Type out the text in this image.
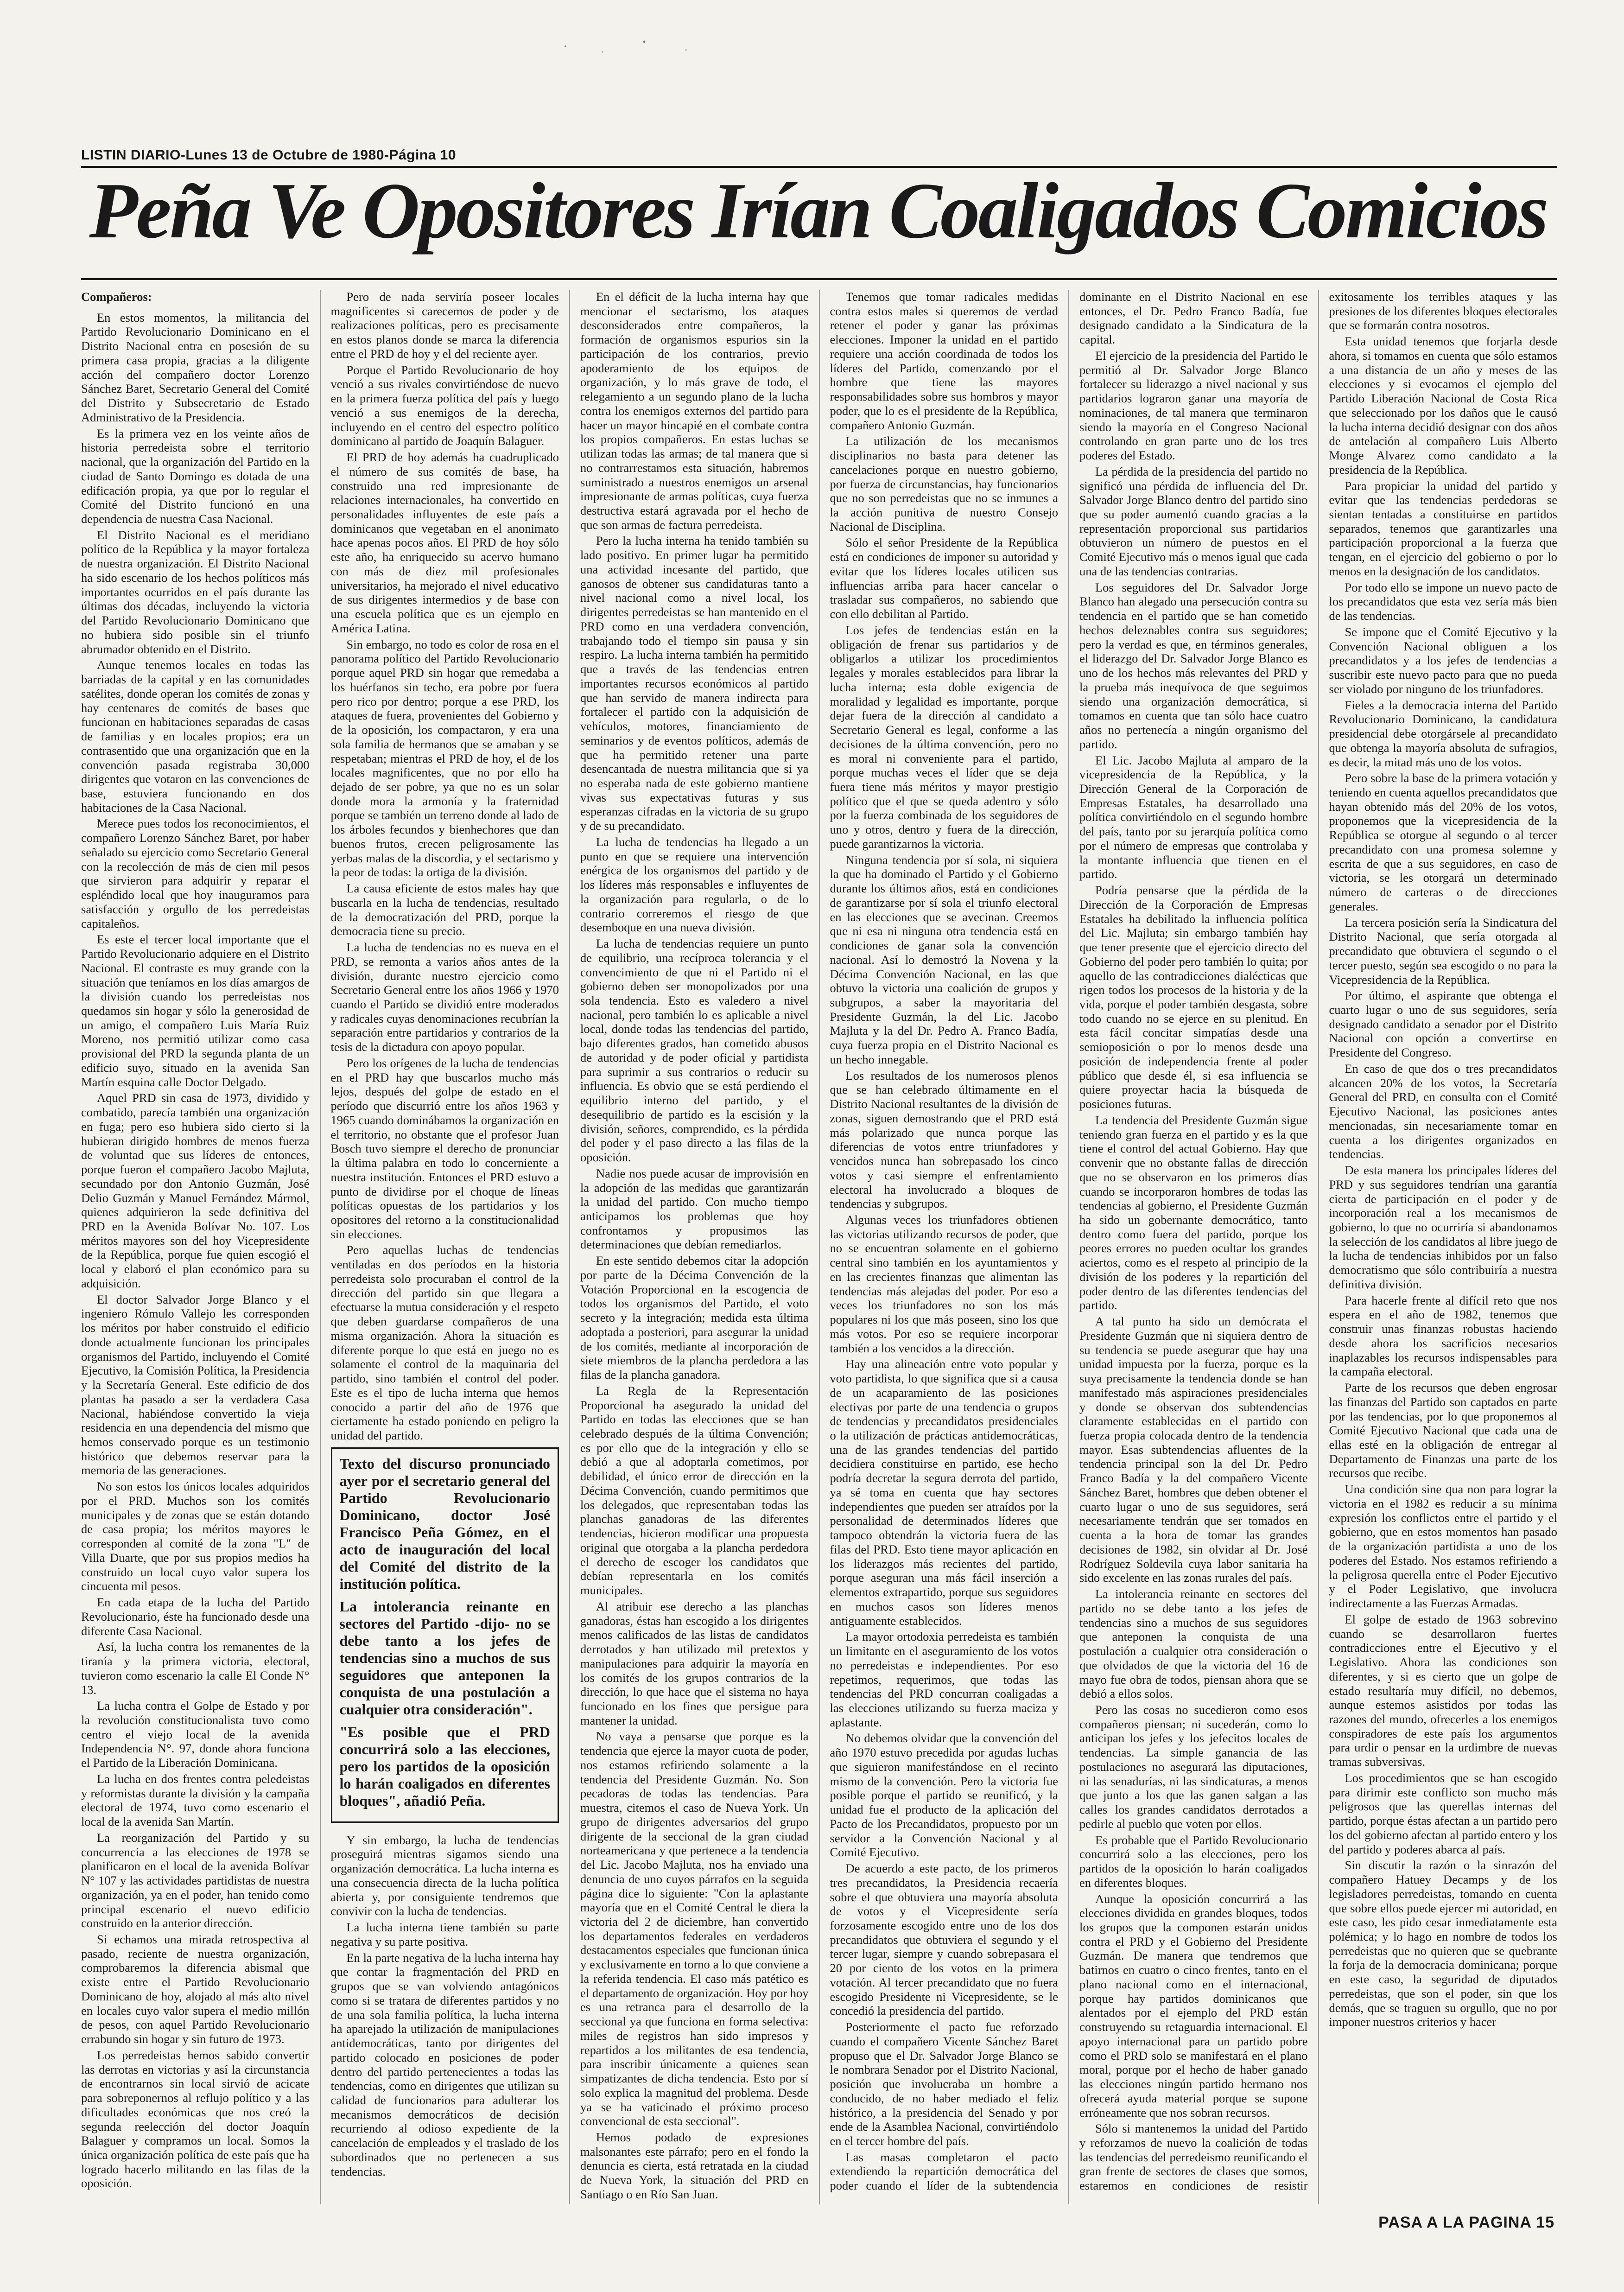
LISTIN DIARIO-Lunes 13 de Octubre de 1980-Página 10
Peña Ve Opositores Irían Coaligados Comicios

Compañeros:

En estos momentos, la militancia del Partido Revolucionario Dominicano en el Distrito Nacional entra en posesión de su primera casa propia, gracias a la diligente acción del compañero doctor Lorenzo Sánchez Baret, Secretario General del Comité del Distrito y Subsecretario de Estado Administrativo de la Presidencia.

Es la primera vez en los veinte años de historia perredeista sobre el territorio nacional, que la organización del Partido en la ciudad de Santo Domingo es dotada de una edificación propia, ya que por lo regular el Comité del Distrito funcionó en una dependencia de nuestra Casa Nacional.

El Distrito Nacional es el meridiano político de la República y la mayor fortaleza de nuestra organización. El Distrito Nacional ha sido escenario de los hechos políticos más importantes ocurridos en el país durante las últimas dos décadas, incluyendo la victoria del Partido Revolucionario Dominicano que no hubiera sido posible sin el triunfo abrumador obtenido en el Distrito.

Aunque tenemos locales en todas las barriadas de la capital y en las comunidades satélites, donde operan los comités de zonas y hay centenares de comités de bases que funcionan en habitaciones separadas de casas de familias y en locales propios; era un contrasentido que una organización que en la convención pasada registraba 30,000 dirigentes que votaron en las convenciones de base, estuviera funcionando en dos habitaciones de la Casa Nacional.

Merece pues todos los reconocimientos, el compañero Lorenzo Sánchez Baret, por haber señalado su ejercicio como Secretario General con la recolección de más de cien mil pesos que sirvieron para adquirir y reparar el espléndido local que hoy inauguramos para satisfacción y orgullo de los perredeistas capitaleños.

Es este el tercer local importante que el Partido Revolucionario adquiere en el Distrito Nacional. El contraste es muy grande con la situación que teníamos en los días amargos de la división cuando los perredeistas nos quedamos sin hogar y sólo la generosidad de un amigo, el compañero Luis María Ruiz Moreno, nos permitió utilizar como casa provisional del PRD la segunda planta de un edificio suyo, situado en la avenida San Martín esquina calle Doctor Delgado.

Aquel PRD sin casa de 1973, dividido y combatido, parecía también una organización en fuga; pero eso hubiera sido cierto si la hubieran dirigido hombres de menos fuerza de voluntad que sus líderes de entonces, porque fueron el compañero Jacobo Majluta, secundado por don Antonio Guzmán, José Delio Guzmán y Manuel Fernández Mármol, quienes adquirieron la sede definitiva del PRD en la Avenida Bolívar No. 107. Los méritos mayores son del hoy Vicepresidente de la República, porque fue quien escogió el local y elaboró el plan económico para su adquisición.

El doctor Salvador Jorge Blanco y el ingeniero Rómulo Vallejo les corresponden los méritos por haber construido el edificio donde actualmente funcionan los principales organismos del Partido, incluyendo el Comité Ejecutivo, la Comisión Política, la Presidencia y la Secretaría General. Este edificio de dos plantas ha pasado a ser la verdadera Casa Nacional, habiéndose convertido la vieja residencia en una dependencia del mismo que hemos conservado porque es un testimonio histórico que debemos reservar para la memoria de las generaciones.

No son estos los únicos locales adquiridos por el PRD. Muchos son los comités municipales y de zonas que se están dotando de casa propia; los méritos mayores le corresponden al comité de la zona "L" de Villa Duarte, que por sus propios medios ha construido un local cuyo valor supera los cincuenta mil pesos.

En cada etapa de la lucha del Partido Revolucionario, éste ha funcionado desde una diferente Casa Nacional.

Así, la lucha contra los remanentes de la tiranía y la primera victoria, electoral, tuvieron como escenario la calle El Conde N° 13.

La lucha contra el Golpe de Estado y por la revolución constitucionalista tuvo como centro el viejo local de la avenida Independencia N°. 97, donde ahora funciona el Partido de la Liberación Dominicana.

La lucha en dos frentes contra peledeistas y reformistas durante la división y la campaña electoral de 1974, tuvo como escenario el local de la avenida San Martín.

La reorganización del Partido y su concurrencia a las elecciones de 1978 se planificaron en el local de la avenida Bolívar N° 107 y las actividades partidistas de nuestra organización, ya en el poder, han tenido como principal escenario el nuevo edificio construido en la anterior dirección.

Si echamos una mirada retrospectiva al pasado, reciente de nuestra organización, comprobaremos la diferencia abismal que existe entre el Partido Revolucionario Dominicano de hoy, alojado al más alto nivel en locales cuyo valor supera el medio millón de pesos, con aquel Partido Revolucionario errabundo sin hogar y sin futuro de 1973.

Los perredeistas hemos sabido convertir las derrotas en victorias y así la circunstancia de encontrarnos sin local sirvió de acicate para sobreponernos al reflujo político y a las dificultades económicas que nos creó la segunda reelección del doctor Joaquín Balaguer y compramos un local. Somos la única organización política de este país que ha logrado hacerlo militando en las filas de la oposición.

Pero de nada serviría poseer locales magnificentes si carecemos de poder y de realizaciones políticas, pero es precisamente en estos planos donde se marca la diferencia entre el PRD de hoy y el del reciente ayer.

Porque el Partido Revolucionario de hoy venció a sus rivales convirtiéndose de nuevo en la primera fuerza política del país y luego venció a sus enemigos de la derecha, incluyendo en el centro del espectro político dominicano al partido de Joaquín Balaguer.

El PRD de hoy además ha cuadruplicado el número de sus comités de base, ha construido una red impresionante de relaciones internacionales, ha convertido en personalidades influyentes de este país a dominicanos que vegetaban en el anonimato hace apenas pocos años. El PRD de hoy sólo este año, ha enriquecido su acervo humano con más de diez mil profesionales universitarios, ha mejorado el nivel educativo de sus dirigentes intermedios y de base con una escuela política que es un ejemplo en América Latina.

Sin embargo, no todo es color de rosa en el panorama político del Partido Revolucionario porque aquel PRD sin hogar que remedaba a los huérfanos sin techo, era pobre por fuera pero rico por dentro; porque a ese PRD, los ataques de fuera, provenientes del Gobierno y de la oposición, los compactaron, y era una sola familia de hermanos que se amaban y se respetaban; mientras el PRD de hoy, el de los locales magnificentes, que no por ello ha dejado de ser pobre, ya que no es un solar donde mora la armonía y la fraternidad porque se también un terreno donde al lado de los árboles fecundos y bienhechores que dan buenos frutos, crecen peligrosamente las yerbas malas de la discordia, y el sectarismo y la peor de todas: la ortiga de la división.

La causa eficiente de estos males hay que buscarla en la lucha de tendencias, resultado de la democratización del PRD, porque la democracia tiene su precio.

La lucha de tendencias no es nueva en el PRD, se remonta a varios años antes de la división, durante nuestro ejercicio como Secretario General entre los años 1966 y 1970 cuando el Partido se dividió entre moderados y radicales cuyas denominaciones recubrían la separación entre partidarios y contrarios de la tesis de la dictadura con apoyo popular.

Pero los orígenes de la lucha de tendencias en el PRD hay que buscarlos mucho más lejos, después del golpe de estado en el período que discurrió entre los años 1963 y 1965 cuando dominábamos la organización en el territorio, no obstante que el profesor Juan Bosch tuvo siempre el derecho de pronunciar la última palabra en todo lo concerniente a nuestra institución. Entonces el PRD estuvo a punto de dividirse por el choque de líneas políticas opuestas de los partidarios y los opositores del retorno a la constitucionalidad sin elecciones.

Pero aquellas luchas de tendencias ventiladas en dos períodos en la historia perredeista solo procuraban el control de la dirección del partido sin que llegara a efectuarse la mutua consideración y el respeto que deben guardarse compañeros de una misma organización. Ahora la situación es diferente porque lo que está en juego no es solamente el control de la maquinaria del partido, sino también el control del poder. Este es el tipo de lucha interna que hemos conocido a partir del año de 1976 que ciertamente ha estado poniendo en peligro la unidad del partido.

Texto del discurso pronunciado ayer por el secretario general del Partido Revolucionario Dominicano, doctor José Francisco Peña Gómez, en el acto de inauguración del local del Comité del distrito de la institución política.

La intolerancia reinante en sectores del Partido -dijo- no se debe tanto a los jefes de tendencias sino a muchos de sus seguidores que anteponen la conquista de una postulación a cualquier otra consideración".

"Es posible que el PRD concurrirá solo a las elecciones, pero los partidos de la oposición lo harán coaligados en diferentes bloques", añadió Peña.

Y sin embargo, la lucha de tendencias proseguirá mientras sigamos siendo una organización democrática. La lucha interna es una consecuencia directa de la lucha política abierta y, por consiguiente tendremos que convivir con la lucha de tendencias.

La lucha interna tiene también su parte negativa y su parte positiva.

En la parte negativa de la lucha interna hay que contar la fragmentación del PRD en grupos que se van volviendo antagónicos como si se tratara de diferentes partidos y no de una sola familia política, la lucha interna ha aparejado la utilización de manipulaciones antidemocráticas, tanto por dirigentes del partido colocado en posiciones de poder dentro del partido pertenecientes a todas las tendencias, como en dirigentes que utilizan su calidad de funcionarios para adulterar los mecanismos democráticos de decisión recurriendo al odioso expediente de la cancelación de empleados y el traslado de los subordinados que no pertenecen a sus tendencias.

En el déficit de la lucha interna hay que mencionar el sectarismo, los ataques desconsiderados entre compañeros, la formación de organismos espurios sin la participación de los contrarios, previo apoderamiento de los equipos de organización, y lo más grave de todo, el relegamiento a un segundo plano de la lucha contra los enemigos externos del partido para hacer un mayor hincapié en el combate contra los propios compañeros. En estas luchas se utilizan todas las armas; de tal manera que si no contrarrestamos esta situación, habremos suministrado a nuestros enemigos un arsenal impresionante de armas políticas, cuya fuerza destructiva estará agravada por el hecho de que son armas de factura perredeista.

Pero la lucha interna ha tenido también su lado positivo. En primer lugar ha permitido una actividad incesante del partido, que ganosos de obtener sus candidaturas tanto a nivel nacional como a nivel local, los dirigentes perredeistas se han mantenido en el PRD como en una verdadera convención, trabajando todo el tiempo sin pausa y sin respiro. La lucha interna también ha permitido que a través de las tendencias entren importantes recursos económicos al partido que han servido de manera indirecta para fortalecer el partido con la adquisición de vehículos, motores, financiamiento de seminarios y de eventos políticos, además de que ha permitido retener una parte desencantada de nuestra militancia que si ya no esperaba nada de este gobierno mantiene vivas sus expectativas futuras y sus esperanzas cifradas en la victoria de su grupo y de su precandidato.

La lucha de tendencias ha llegado a un punto en que se requiere una intervención enérgica de los organismos del partido y de los líderes más responsables e influyentes de la organización para regularla, o de lo contrario correremos el riesgo de que desemboque en una nueva división.

La lucha de tendencias requiere un punto de equilibrio, una recíproca tolerancia y el convencimiento de que ni el Partido ni el gobierno deben ser monopolizados por una sola tendencia. Esto es valedero a nivel nacional, pero también lo es aplicable a nivel local, donde todas las tendencias del partido, bajo diferentes grados, han cometido abusos de autoridad y de poder oficial y partidista para suprimir a sus contrarios o reducir su influencia. Es obvio que se está perdiendo el equilibrio interno del partido, y el desequilibrio de partido es la escisión y la división, señores, comprendido, es la pérdida del poder y el paso directo a las filas de la oposición.

Nadie nos puede acusar de improvisión en la adopción de las medidas que garantizarán la unidad del partido. Con mucho tiempo anticipamos los problemas que hoy confrontamos y propusimos las determinaciones que debían remediarlos.

En este sentido debemos citar la adopción por parte de la Décima Convención de la Votación Proporcional en la escogencia de todos los organismos del Partido, el voto secreto y la integración; medida esta última adoptada a posteriori, para asegurar la unidad de los comités, mediante al incorporación de siete miembros de la plancha perdedora a las filas de la plancha ganadora.

La Regla de la Representación Proporcional ha asegurado la unidad del Partido en todas las elecciones que se han celebrado después de la última Convención; es por ello que de la integración y ello se debió a que al adoptarla cometimos, por debilidad, el único error de dirección en la Décima Convención, cuando permitimos que los delegados, que representaban todas las planchas ganadoras de las diferentes tendencias, hicieron modificar una propuesta original que otorgaba a la plancha perdedora el derecho de escoger los candidatos que debían representarla en los comités municipales.

Al atribuir ese derecho a las planchas ganadoras, éstas han escogido a los dirigentes menos calificados de las listas de candidatos derrotados y han utilizado mil pretextos y manipulaciones para adquirir la mayoría en los comités de los grupos contrarios de la dirección, lo que hace que el sistema no haya funcionado en los fines que persigue para mantener la unidad.

No vaya a pensarse que porque es la tendencia que ejerce la mayor cuota de poder, nos estamos refiriendo solamente a la tendencia del Presidente Guzmán. No. Son pecadoras de todas las tendencias. Para muestra, citemos el caso de Nueva York. Un grupo de dirigentes adversarios del grupo dirigente de la seccional de la gran ciudad norteamericana y que pertenece a la tendencia del Lic. Jacobo Majluta, nos ha enviado una denuncia de uno cuyos párrafos en la seguida página dice lo siguiente: "Con la aplastante mayoría que en el Comité Central le diera la victoria del 2 de diciembre, han convertido los departamentos federales en verdaderos destacamentos especiales que funcionan única y exclusivamente en torno a lo que conviene a la referida tendencia. El caso más patético es el departamento de organización. Hoy por hoy es una retranca para el desarrollo de la seccional ya que funciona en forma selectiva: miles de registros han sido impresos y repartidos a los militantes de esa tendencia, para inscribir únicamente a quienes sean simpatizantes de dicha tendencia. Esto por sí solo explica la magnitud del problema. Desde ya se ha vaticinado el próximo proceso convencional de esta seccional".

Hemos podado de expresiones malsonantes este párrafo; pero en el fondo la denuncia es cierta, está retratada en la ciudad de Nueva York, la situación del PRD en Santiago o en Río San Juan.

Tenemos que tomar radicales medidas contra estos males si queremos de verdad retener el poder y ganar las próximas elecciones. Imponer la unidad en el partido requiere una acción coordinada de todos los líderes del Partido, comenzando por el hombre que tiene las mayores responsabilidades sobre sus hombros y mayor poder, que lo es el presidente de la República, compañero Antonio Guzmán.

La utilización de los mecanismos disciplinarios no basta para detener las cancelaciones porque en nuestro gobierno, por fuerza de circunstancias, hay funcionarios que no son perredeistas que no se inmunes a la acción punitiva de nuestro Consejo Nacional de Disciplina.

Sólo el señor Presidente de la República está en condiciones de imponer su autoridad y evitar que los líderes locales utilicen sus influencias arriba para hacer cancelar o trasladar sus compañeros, no sabiendo que con ello debilitan al Partido.

Los jefes de tendencias están en la obligación de frenar sus partidarios y de obligarlos a utilizar los procedimientos legales y morales establecidos para librar la lucha interna; esta doble exigencia de moralidad y legalidad es importante, porque dejar fuera de la dirección al candidato a Secretario General es legal, conforme a las decisiones de la última convención, pero no es moral ni conveniente para el partido, porque muchas veces el líder que se deja fuera tiene más méritos y mayor prestigio político que el que se queda adentro y sólo por la fuerza combinada de los seguidores de uno y otros, dentro y fuera de la dirección, puede garantizarnos la victoria.

Ninguna tendencia por sí sola, ni siquiera la que ha dominado el Partido y el Gobierno durante los últimos años, está en condiciones de garantizarse por sí sola el triunfo electoral en las elecciones que se avecinan. Creemos que ni esa ni ninguna otra tendencia está en condiciones de ganar sola la convención nacional. Así lo demostró la Novena y la Décima Convención Nacional, en las que obtuvo la victoria una coalición de grupos y subgrupos, a saber la mayoritaria del Presidente Guzmán, la del Lic. Jacobo Majluta y la del Dr. Pedro A. Franco Badía, cuya fuerza propia en el Distrito Nacional es un hecho innegable.

Los resultados de los numerosos plenos que se han celebrado últimamente en el Distrito Nacional resultantes de la división de zonas, siguen demostrando que el PRD está más polarizado que nunca porque las diferencias de votos entre triunfadores y vencidos nunca han sobrepasado los cinco votos y casi siempre el enfrentamiento electoral ha involucrado a bloques de tendencias y subgrupos.

Algunas veces los triunfadores obtienen las victorias utilizando recursos de poder, que no se encuentran solamente en el gobierno central sino también en los ayuntamientos y en las crecientes finanzas que alimentan las tendencias más alejadas del poder. Por eso a veces los triunfadores no son los más populares ni los que más poseen, sino los que más votos. Por eso se requiere incorporar también a los vencidos a la dirección.

Hay una alineación entre voto popular y voto partidista, lo que significa que si a causa de un acaparamiento de las posiciones electivas por parte de una tendencia o grupos de tendencias y precandidatos presidenciales o la utilización de prácticas antidemocráticas, una de las grandes tendencias del partido decidiera constituirse en partido, ese hecho podría decretar la segura derrota del partido, ya sé toma en cuenta que hay sectores independientes que pueden ser atraídos por la personalidad de determinados líderes que tampoco obtendrán la victoria fuera de las filas del PRD. Esto tiene mayor aplicación en los liderazgos más recientes del partido, porque aseguran una más fácil inserción a elementos extrapartido, porque sus seguidores en muchos casos son líderes menos antiguamente establecidos.

La mayor ortodoxia perredeista es también un limitante en el aseguramiento de los votos no perredeistas e independientes. Por eso repetimos, requerimos, que todas las tendencias del PRD concurran coaligadas a las elecciones utilizando su fuerza maciza y aplastante.

No debemos olvidar que la convención del año 1970 estuvo precedida por agudas luchas que siguieron manifestándose en el recinto mismo de la convención. Pero la victoria fue posible porque el partido se reunificó, y la unidad fue el producto de la aplicación del Pacto de los Precandidatos, propuesto por un servidor a la Convención Nacional y al Comité Ejecutivo.

De acuerdo a este pacto, de los primeros tres precandidatos, la Presidencia recaería sobre el que obtuviera una mayoría absoluta de votos y el Vicepresidente sería forzosamente escogido entre uno de los dos precandidatos que obtuviera el segundo y el tercer lugar, siempre y cuando sobrepasara el 20 por ciento de los votos en la primera votación. Al tercer precandidato que no fuera escogido Presidente ni Vicepresidente, se le concedió la presidencia del partido.

Posteriormente el pacto fue reforzado cuando el compañero Vicente Sánchez Baret propuso que el Dr. Salvador Jorge Blanco se le nombrara Senador por el Distrito Nacional, posición que involucraba un hombre a conducido, de no haber mediado el feliz histórico, a la presidencia del Senado y por ende de la Asamblea Nacional, convirtiéndolo en el tercer hombre del país.

Las masas completaron el pacto extendiendo la repartición democrática del poder cuando el líder de la subtendencia dominante en el Distrito Nacional en ese entonces, el Dr. Pedro Franco Badía, fue designado candidato a la Sindicatura de la capital.

El ejercicio de la presidencia del Partido le permitió al Dr. Salvador Jorge Blanco fortalecer su liderazgo a nivel nacional y sus partidarios lograron ganar una mayoría de nominaciones, de tal manera que terminaron siendo la mayoría en el Congreso Nacional controlando en gran parte uno de los tres poderes del Estado.

La pérdida de la presidencia del partido no significó una pérdida de influencia del Dr. Salvador Jorge Blanco dentro del partido sino que su poder aumentó cuando gracias a la representación proporcional sus partidarios obtuvieron un número de puestos en el Comité Ejecutivo más o menos igual que cada una de las tendencias contrarias.

Los seguidores del Dr. Salvador Jorge Blanco han alegado una persecución contra su tendencia en el partido que se han cometido hechos deleznables contra sus seguidores; pero la verdad es que, en términos generales, el liderazgo del Dr. Salvador Jorge Blanco es uno de los hechos más relevantes del PRD y la prueba más inequívoca de que seguimos siendo una organización democrática, si tomamos en cuenta que tan sólo hace cuatro años no pertenecía a ningún organismo del partido.

El Lic. Jacobo Majluta al amparo de la vicepresidencia de la República, y la Dirección General de la Corporación de Empresas Estatales, ha desarrollado una política convirtiéndolo en el segundo hombre del país, tanto por su jerarquía política como por el número de empresas que controlaba y la montante influencia que tienen en el partido.

Podría pensarse que la pérdida de la Dirección de la Corporación de Empresas Estatales ha debilitado la influencia política del Lic. Majluta; sin embargo también hay que tener presente que el ejercicio directo del Gobierno del poder pero también lo quita; por aquello de las contradicciones dialécticas que rigen todos los procesos de la historia y de la vida, porque el poder también desgasta, sobre todo cuando no se ejerce en su plenitud. En esta fácil concitar simpatías desde una semioposición o por lo menos desde una posición de independencia frente al poder público que desde él, si esa influencia se quiere proyectar hacia la búsqueda de posiciones futuras.

La tendencia del Presidente Guzmán sigue teniendo gran fuerza en el partido y es la que tiene el control del actual Gobierno. Hay que convenir que no obstante fallas de dirección que no se observaron en los primeros días cuando se incorporaron hombres de todas las tendencias al gobierno, el Presidente Guzmán ha sido un gobernante democrático, tanto dentro como fuera del partido, porque los peores errores no pueden ocultar los grandes aciertos, como es el respeto al principio de la división de los poderes y la repartición del poder dentro de las diferentes tendencias del partido.

A tal punto ha sido un demócrata el Presidente Guzmán que ni siquiera dentro de su tendencia se puede asegurar que hay una unidad impuesta por la fuerza, porque es la suya precisamente la tendencia donde se han manifestado más aspiraciones presidenciales y donde se observan dos subtendencias claramente establecidas en el partido con fuerza propia colocada dentro de la tendencia mayor. Esas subtendencias afluentes de la tendencia principal son la del Dr. Pedro Franco Badía y la del compañero Vicente Sánchez Baret, hombres que deben obtener el cuarto lugar o uno de sus seguidores, será necesariamente tendrán que ser tomados en cuenta a la hora de tomar las grandes decisiones de 1982, sin olvidar al Dr. José Rodríguez Soldevila cuya labor sanitaria ha sido excelente en las zonas rurales del país.

La intolerancia reinante en sectores del partido no se debe tanto a los jefes de tendencias sino a muchos de sus seguidores que anteponen la conquista de una postulación a cualquier otra consideración o que olvidados de que la victoria del 16 de mayo fue obra de todos, piensan ahora que se debió a ellos solos.

Pero las cosas no sucedieron como esos compañeros piensan; ni sucederán, como lo anticipan los jefes y los jefecitos locales de tendencias. La simple ganancia de las postulaciones no asegurará las diputaciones, ni las senadurías, ni las sindicaturas, a menos que junto a los que las ganen salgan a las calles los grandes candidatos derrotados a pedirle al pueblo que voten por ellos.

Es probable que el Partido Revolucionario concurrirá solo a las elecciones, pero los partidos de la oposición lo harán coaligados en diferentes bloques.

Aunque la oposición concurrirá a las elecciones dividida en grandes bloques, todos los grupos que la componen estarán unidos contra el PRD y el Gobierno del Presidente Guzmán. De manera que tendremos que batirnos en cuatro o cinco frentes, tanto en el plano nacional como en el internacional, porque hay partidos dominicanos que alentados por el ejemplo del PRD están construyendo su retaguardia internacional. El apoyo internacional para un partido pobre como el PRD solo se manifestará en el plano moral, porque por el hecho de haber ganado las elecciones ningún partido hermano nos ofrecerá ayuda material porque se supone erróneamente que nos sobran recursos.

Sólo si mantenemos la unidad del Partido y reforzamos de nuevo la coalición de todas las tendencias del perredeismo reunificando el gran frente de sectores de clases que somos, estaremos en condiciones de resistir exitosamente los terribles ataques y las presiones de los diferentes bloques electorales que se formarán contra nosotros.

Esta unidad tenemos que forjarla desde ahora, si tomamos en cuenta que sólo estamos a una distancia de un año y meses de las elecciones y si evocamos el ejemplo del Partido Liberación Nacional de Costa Rica que seleccionado por los daños que le causó la lucha interna decidió designar con dos años de antelación al compañero Luis Alberto Monge Alvarez como candidato a la presidencia de la República.

Para propiciar la unidad del partido y evitar que las tendencias perdedoras se sientan tentadas a constituirse en partidos separados, tenemos que garantizarles una participación proporcional a la fuerza que tengan, en el ejercicio del gobierno o por lo menos en la designación de los candidatos.

Por todo ello se impone un nuevo pacto de los precandidatos que esta vez sería más bien de las tendencias.

Se impone que el Comité Ejecutivo y la Convención Nacional obliguen a los precandidatos y a los jefes de tendencias a suscribir este nuevo pacto para que no pueda ser violado por ninguno de los triunfadores.

Fieles a la democracia interna del Partido Revolucionario Dominicano, la candidatura presidencial debe otorgársele al precandidato que obtenga la mayoría absoluta de sufragios, es decir, la mitad más uno de los votos.

Pero sobre la base de la primera votación y teniendo en cuenta aquellos precandidatos que hayan obtenido más del 20% de los votos, proponemos que la vicepresidencia de la República se otorgue al segundo o al tercer precandidato con una promesa solemne y escrita de que a sus seguidores, en caso de victoria, se les otorgará un determinado número de carteras o de direcciones generales.

La tercera posición sería la Sindicatura del Distrito Nacional, que sería otorgada al precandidato que obtuviera el segundo o el tercer puesto, según sea escogido o no para la Vicepresidencia de la República.

Por último, el aspirante que obtenga el cuarto lugar o uno de sus seguidores, sería designado candidato a senador por el Distrito Nacional con opción a convertirse en Presidente del Congreso.

En caso de que dos o tres precandidatos alcancen 20% de los votos, la Secretaría General del PRD, en consulta con el Comité Ejecutivo Nacional, las posiciones antes mencionadas, sin necesariamente tomar en cuenta a los dirigentes organizados en tendencias.

De esta manera los principales líderes del PRD y sus seguidores tendrían una garantía cierta de participación en el poder y de incorporación real a los mecanismos de gobierno, lo que no ocurriría si abandonamos la selección de los candidatos al libre juego de la lucha de tendencias inhibidos por un falso democratismo que sólo contribuiría a nuestra definitiva división.

Para hacerle frente al difícil reto que nos espera en el año de 1982, tenemos que construir unas finanzas robustas haciendo desde ahora los sacrificios necesarios inaplazables los recursos indispensables para la campaña electoral.

Parte de los recursos que deben engrosar las finanzas del Partido son captados en parte por las tendencias, por lo que proponemos al Comité Ejecutivo Nacional que cada una de ellas esté en la obligación de entregar al Departamento de Finanzas una parte de los recursos que recibe.

Una condición sine qua non para lograr la victoria en el 1982 es reducir a su mínima expresión los conflictos entre el partido y el gobierno, que en estos momentos han pasado de la organización partidista a uno de los poderes del Estado. Nos estamos refiriendo a la peligrosa querella entre el Poder Ejecutivo y el Poder Legislativo, que involucra indirectamente a las Fuerzas Armadas.

El golpe de estado de 1963 sobrevino cuando se desarrollaron fuertes contradicciones entre el Ejecutivo y el Legislativo. Ahora las condiciones son diferentes, y si es cierto que un golpe de estado resultaría muy difícil, no debemos, aunque estemos asistidos por todas las razones del mundo, ofrecerles a los enemigos conspiradores de este país los argumentos para urdir o pensar en la urdimbre de nuevas tramas subversivas.

Los procedimientos que se han escogido para dirimir este conflicto son mucho más peligrosos que las querellas internas del partido, porque éstas afectan a un partido pero los del gobierno afectan al partido entero y los del partido y poderes abarca al país.

Sin discutir la razón o la sinrazón del compañero Hatuey Decamps y de los legisladores perredeistas, tomando en cuenta que sobre ellos puede ejercer mi autoridad, en este caso, les pido cesar inmediatamente esta polémica; y lo hago en nombre de todos los perredeistas que no quieren que se quebrante la forja de la democracia dominicana; porque en este caso, la seguridad de diputados perredeistas, que son el poder, sin que los demás, que se traguen su orgullo, que no por imponer nuestros criterios y hacer

PASA A LA PAGINA 15
